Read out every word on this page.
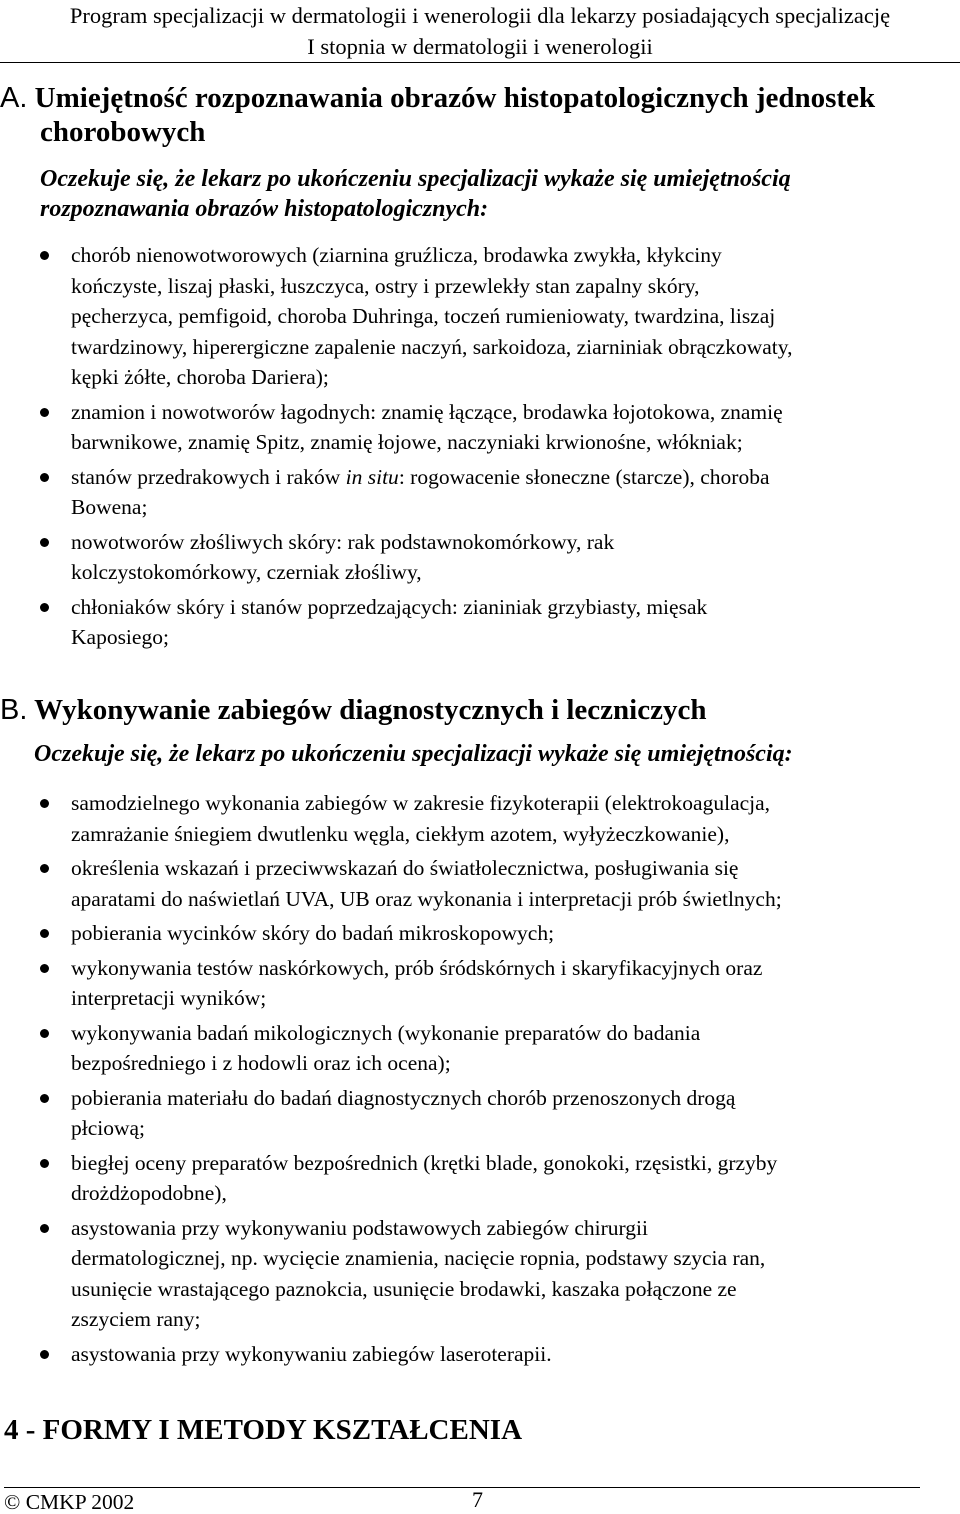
Program specjalizacji w dermatologii i wenerologii dla lekarzy posiadających specjalizację
I stopnia w dermatologii i wenerologii
A. Umiejętność rozpoznawania obrazów histopatologicznych jednostek
chorobowych
Oczekuje się, że lekarz po ukończeniu specjalizacji wykaże się umiejętnością
rozpoznawania obrazów histopatologicznych:
chorób nienowotworowych (ziarnina gruźlicza, brodawka zwykła, kłykciny
kończyste, liszaj płaski, łuszczyca, ostry i przewlekły stan zapalny skóry,
pęcherzyca, pemfigoid, choroba Duhringa, toczeń rumieniowaty, twardzina, liszaj
twardzinowy, hiperergiczne zapalenie naczyń, sarkoidoza, ziarniniak obrączkowaty,
kępki żółte, choroba Dariera);
znamion i nowotworów łagodnych: znamię łączące, brodawka łojotokowa, znamię
barwnikowe, znamię Spitz, znamię łojowe, naczyniaki krwionośne, włókniak;
stanów przedrakowych i raków in situ: rogowacenie słoneczne (starcze), choroba
Bowena;
nowotworów złośliwych skóry: rak podstawnokomórkowy, rak
kolczystokomórkowy, czerniak złośliwy,
chłoniaków skóry i stanów poprzedzających: zianiniak grzybiasty, mięsak
Kaposiego;
B. Wykonywanie zabiegów diagnostycznych i leczniczych
Oczekuje się, że lekarz po ukończeniu specjalizacji wykaże się umiejętnością:
samodzielnego wykonania zabiegów w zakresie fizykoterapii (elektrokoagulacja,
zamrażanie śniegiem dwutlenku węgla, ciekłym azotem, wyłyżeczkowanie),
określenia wskazań i przeciwwskazań do światłolecznictwa, posługiwania się
aparatami do naświetlań UVA, UB oraz wykonania i interpretacji prób świetlnych;
pobierania wycinków skóry do badań mikroskopowych;
wykonywania testów naskórkowych, prób śródskórnych i skaryfikacyjnych oraz
interpretacji wyników;
wykonywania badań mikologicznych (wykonanie preparatów do badania
bezpośredniego i z hodowli oraz ich ocena);
pobierania materiału do badań diagnostycznych chorób przenoszonych drogą
płciową;
biegłej oceny preparatów bezpośrednich (krętki blade, gonokoki, rzęsistki, grzyby
drożdżopodobne),
asystowania przy wykonywaniu podstawowych zabiegów chirurgii
dermatologicznej, np. wycięcie znamienia, nacięcie ropnia, podstawy szycia ran,
usunięcie wrastającego paznokcia, usunięcie brodawki, kaszaka połączone ze
zszyciem rany;
asystowania przy wykonywaniu zabiegów laseroterapii.
4 - FORMY I METODY KSZTAŁCENIA
© CMKP 2002	7
